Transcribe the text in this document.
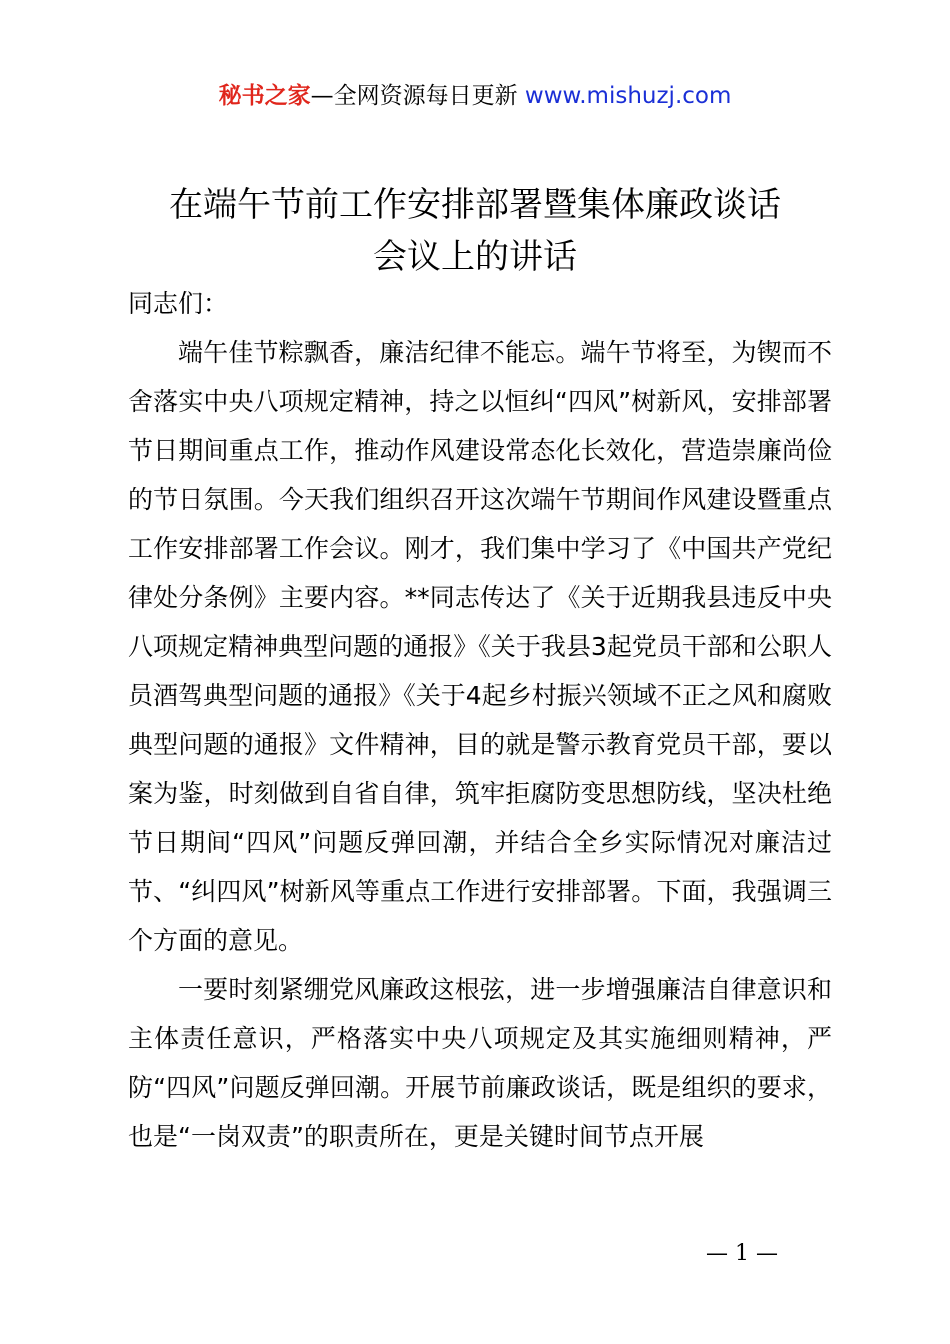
秘书之家—全网资源每日更新 www.mishuzj.com
在端午节前工作安排部署暨集体廉政谈话
会议上的讲话

同志们：

端午佳节粽飘香，廉洁纪律不能忘。端午节将至，为锲而不舍落实中央八项规定精神，持之以恒纠“四风”树新风，安排部署节日期间重点工作，推动作风建设常态化长效化，营造崇廉尚俭的节日氛围。今天我们组织召开这次端午节期间作风建设暨重点工作安排部署工作会议。刚才，我们集中学习了《中国共产党纪律处分条例》主要内容。**同志传达了《关于近期我县违反中央八项规定精神典型问题的通报》《关于我县3起党员干部和公职人员酒驾典型问题的通报》《关于4起乡村振兴领域不正之风和腐败典型问题的通报》文件精神，目的就是警示教育党员干部，要以案为鉴，时刻做到自省自律，筑牢拒腐防变思想防线，坚决杜绝节日期间“四风”问题反弹回潮，并结合全乡实际情况对廉洁过节、“纠四风”树新风等重点工作进行安排部署。下面，我强调三个方面的意见。

一要时刻紧绷党风廉政这根弦，进一步增强廉洁自律意识和主体责任意识，严格落实中央八项规定及其实施细则精神，严防“四风”问题反弹回潮。开展节前廉政谈话，既是组织的要求，也是“一岗双责”的职责所在，更是关键时间节点开展

— 1 —
